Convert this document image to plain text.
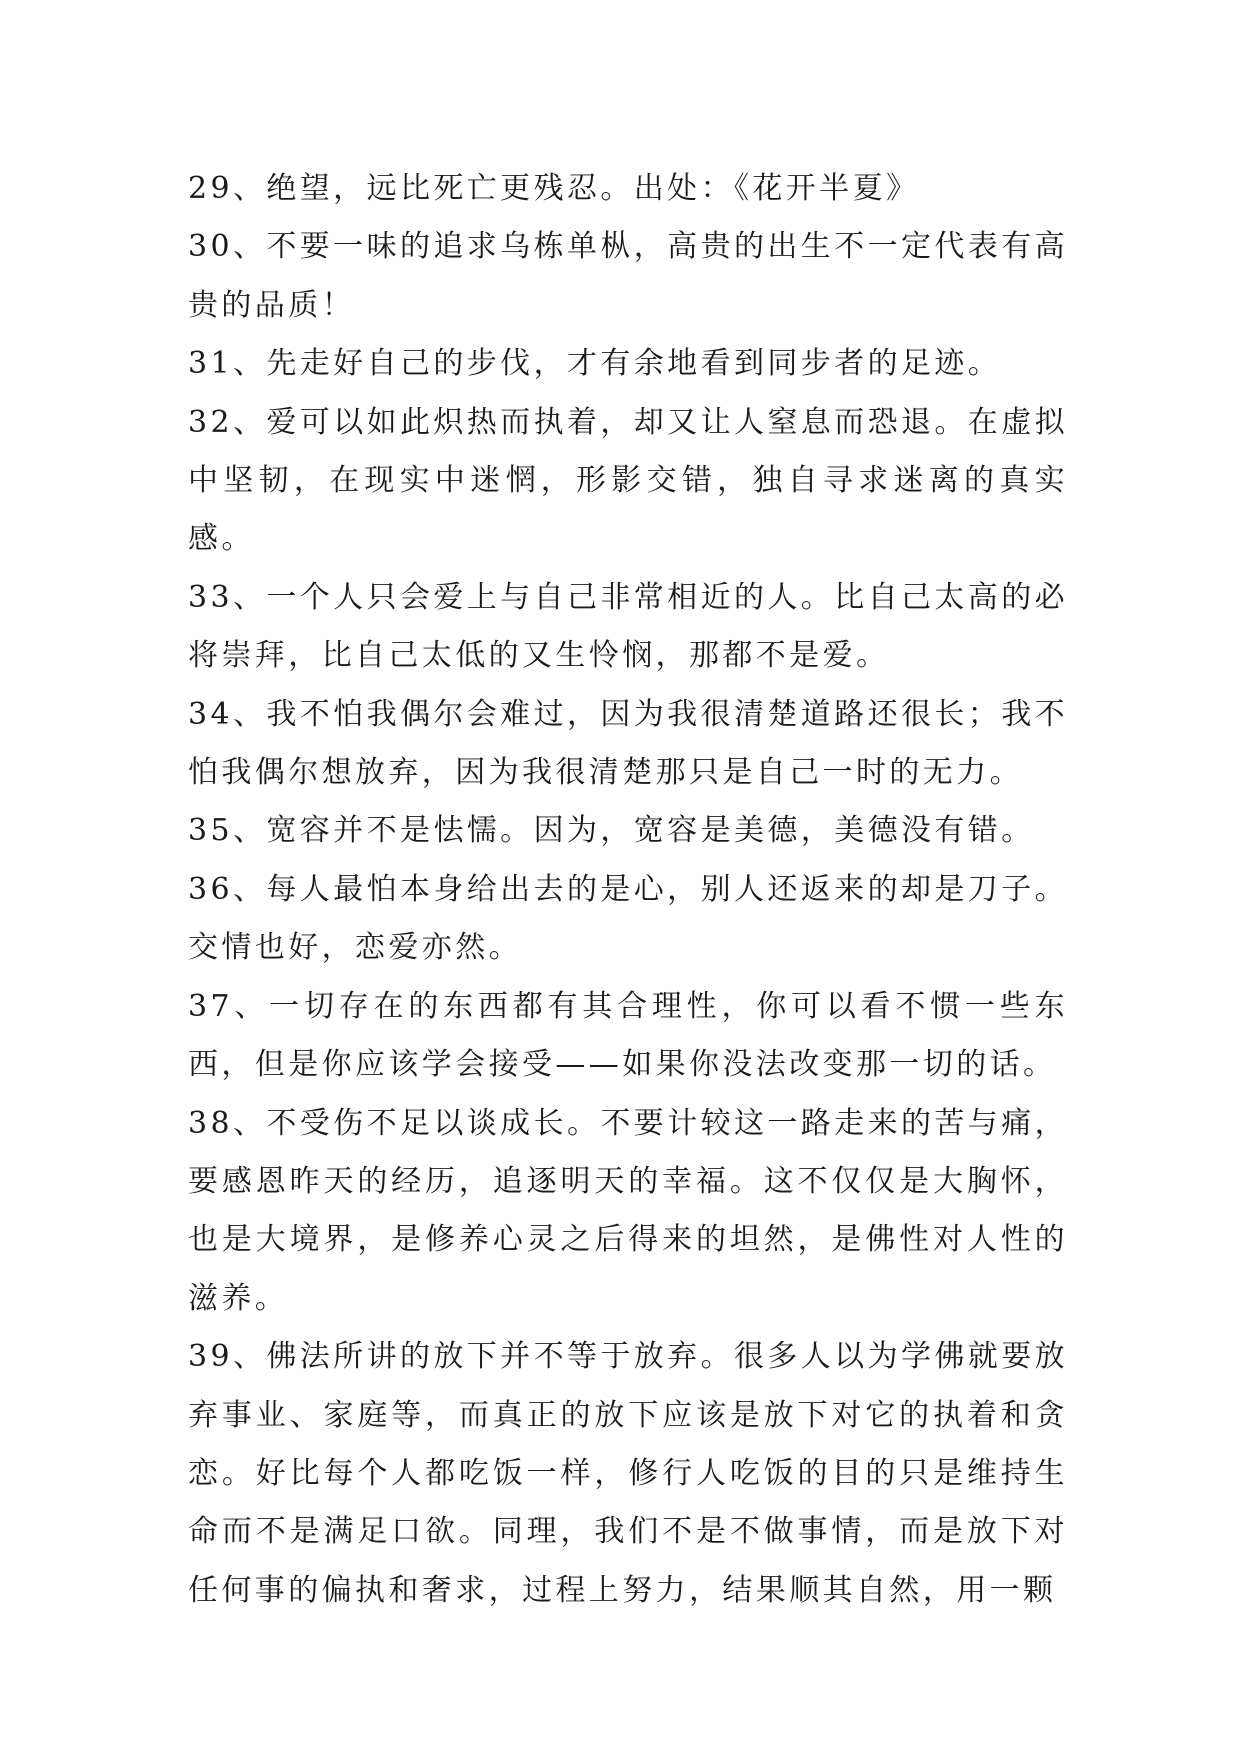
29、绝望，远比死亡更残忍。出处：《花开半夏》

30、不要一味的追求乌栋单枞，高贵的出生不一定代表有高贵的品质！

31、先走好自己的步伐，才有余地看到同步者的足迹。

32、爱可以如此炽热而执着，却又让人窒息而恐退。在虚拟中坚韧，在现实中迷惘，形影交错，独自寻求迷离的真实感。

33、一个人只会爱上与自己非常相近的人。比自己太高的必将崇拜，比自己太低的又生怜悯，那都不是爱。

34、我不怕我偶尔会难过，因为我很清楚道路还很长；我不怕我偶尔想放弃，因为我很清楚那只是自己一时的无力。

35、宽容并不是怯懦。因为，宽容是美德，美德没有错。

36、每人最怕本身给出去的是心，别人还返来的却是刀子。交情也好，恋爱亦然。

37、一切存在的东西都有其合理性，你可以看不惯一些东西，但是你应该学会接受——如果你没法改变那一切的话。

38、不受伤不足以谈成长。不要计较这一路走来的苦与痛，要感恩昨天的经历，追逐明天的幸福。这不仅仅是大胸怀，也是大境界，是修养心灵之后得来的坦然，是佛性对人性的滋养。

39、佛法所讲的放下并不等于放弃。很多人以为学佛就要放弃事业、家庭等，而真正的放下应该是放下对它的执着和贪恋。好比每个人都吃饭一样，修行人吃饭的目的只是维持生命而不是满足口欲。同理，我们不是不做事情，而是放下对任何事的偏执和奢求，过程上努力，结果顺其自然，用一颗
